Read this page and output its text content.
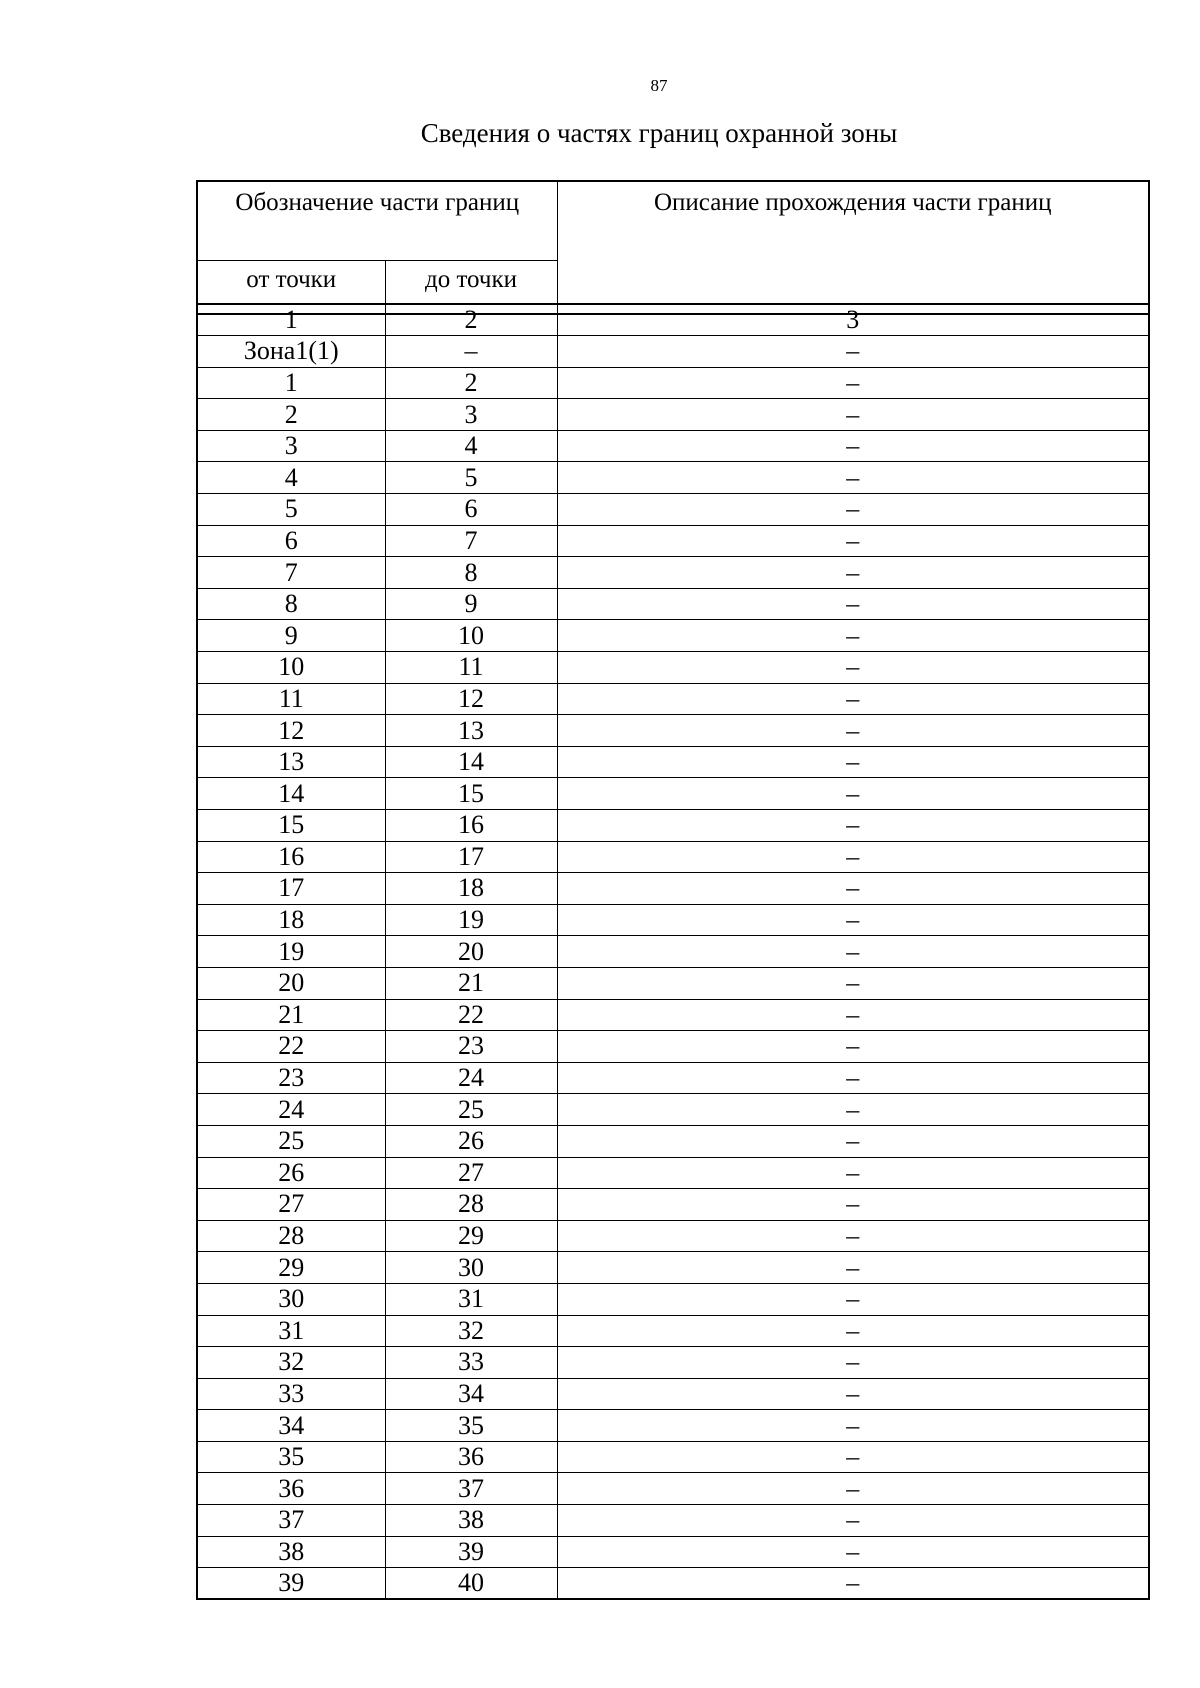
87
Сведения о частях границ охранной зоны
Обозначение части границ		Описание прохождения части границ
от точки	до точки	
1	2	3
Зона1(1)	–	–
1	2	–
2	3	–
3	4	–
4	5	–
5	6	–
6	7	–
7	8	–
8	9	–
9	10	–
10	11	–
11	12	–
12	13	–
13	14	–
14	15	–
15	16	–
16	17	–
17	18	–
18	19	–
19	20	–
20	21	–
21	22	–
22	23	–
23	24	–
24	25	–
25	26	–
26	27	–
27	28	–
28	29	–
29	30	–
30	31	–
31	32	–
32	33	–
33	34	–
34	35	–
35	36	–
36	37	–
37	38	–
38	39	–
39	40	–
